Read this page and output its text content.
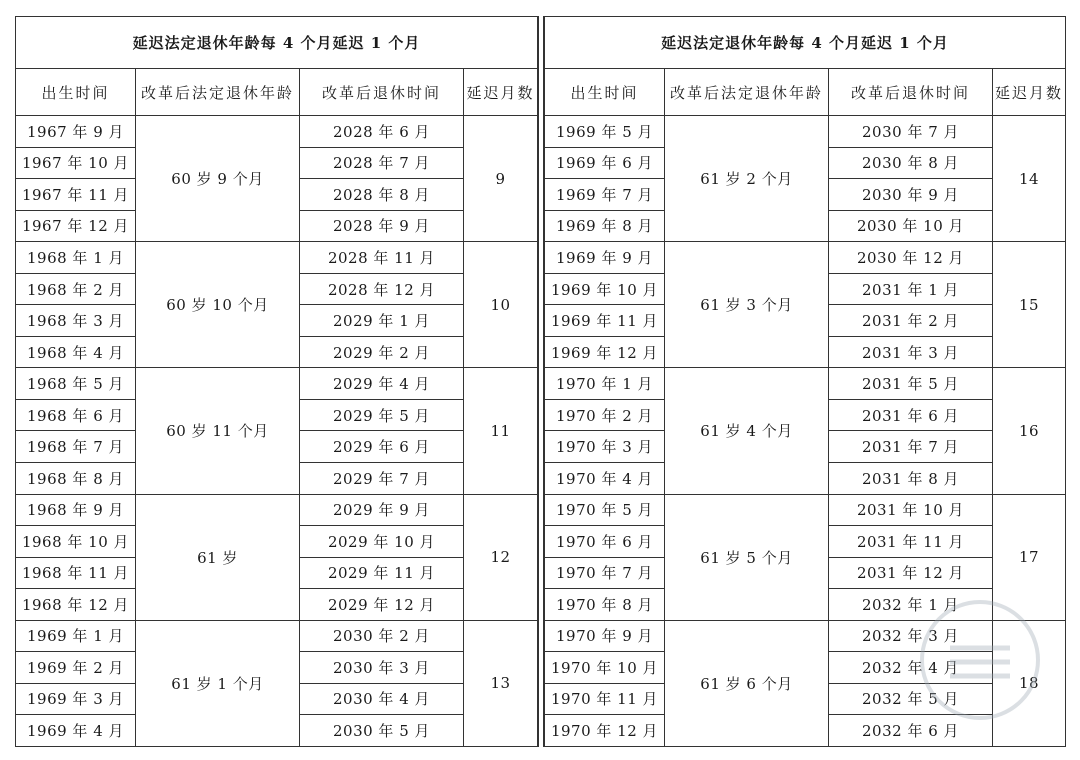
延迟法定退休年龄每 4 个月延迟 1 个月			
出生时间	改革后法定退休年龄	改革后退休时间	延迟月数
1967 年 9 月	60 岁 9 个月	2028 年 6 月	9
1967 年 10 月		2028 年 7 月	
1967 年 11 月		2028 年 8 月	
1967 年 12 月		2028 年 9 月	
1968 年 1 月	60 岁 10 个月	2028 年 11 月	10
1968 年 2 月		2028 年 12 月	
1968 年 3 月		2029 年 1 月	
1968 年 4 月		2029 年 2 月	
1968 年 5 月	60 岁 11 个月	2029 年 4 月	11
1968 年 6 月		2029 年 5 月	
1968 年 7 月		2029 年 6 月	
1968 年 8 月		2029 年 7 月	
1968 年 9 月	61 岁	2029 年 9 月	12
1968 年 10 月		2029 年 10 月	
1968 年 11 月		2029 年 11 月	
1968 年 12 月		2029 年 12 月	
1969 年 1 月	61 岁 1 个月	2030 年 2 月	13
1969 年 2 月		2030 年 3 月	
1969 年 3 月		2030 年 4 月	
1969 年 4 月		2030 年 5 月	
延迟法定退休年龄每 4 个月延迟 1 个月			
出生时间	改革后法定退休年龄	改革后退休时间	延迟月数
1969 年 5 月	61 岁 2 个月	2030 年 7 月	14
1969 年 6 月		2030 年 8 月	
1969 年 7 月		2030 年 9 月	
1969 年 8 月		2030 年 10 月	
1969 年 9 月	61 岁 3 个月	2030 年 12 月	15
1969 年 10 月		2031 年 1 月	
1969 年 11 月		2031 年 2 月	
1969 年 12 月		2031 年 3 月	
1970 年 1 月	61 岁 4 个月	2031 年 5 月	16
1970 年 2 月		2031 年 6 月	
1970 年 3 月		2031 年 7 月	
1970 年 4 月		2031 年 8 月	
1970 年 5 月	61 岁 5 个月	2031 年 10 月	17
1970 年 6 月		2031 年 11 月	
1970 年 7 月		2031 年 12 月	
1970 年 8 月		2032 年 1 月	
1970 年 9 月	61 岁 6 个月	2032 年 3 月	18
1970 年 10 月		2032 年 4 月	
1970 年 11 月		2032 年 5 月	
1970 年 12 月		2032 年 6 月	
